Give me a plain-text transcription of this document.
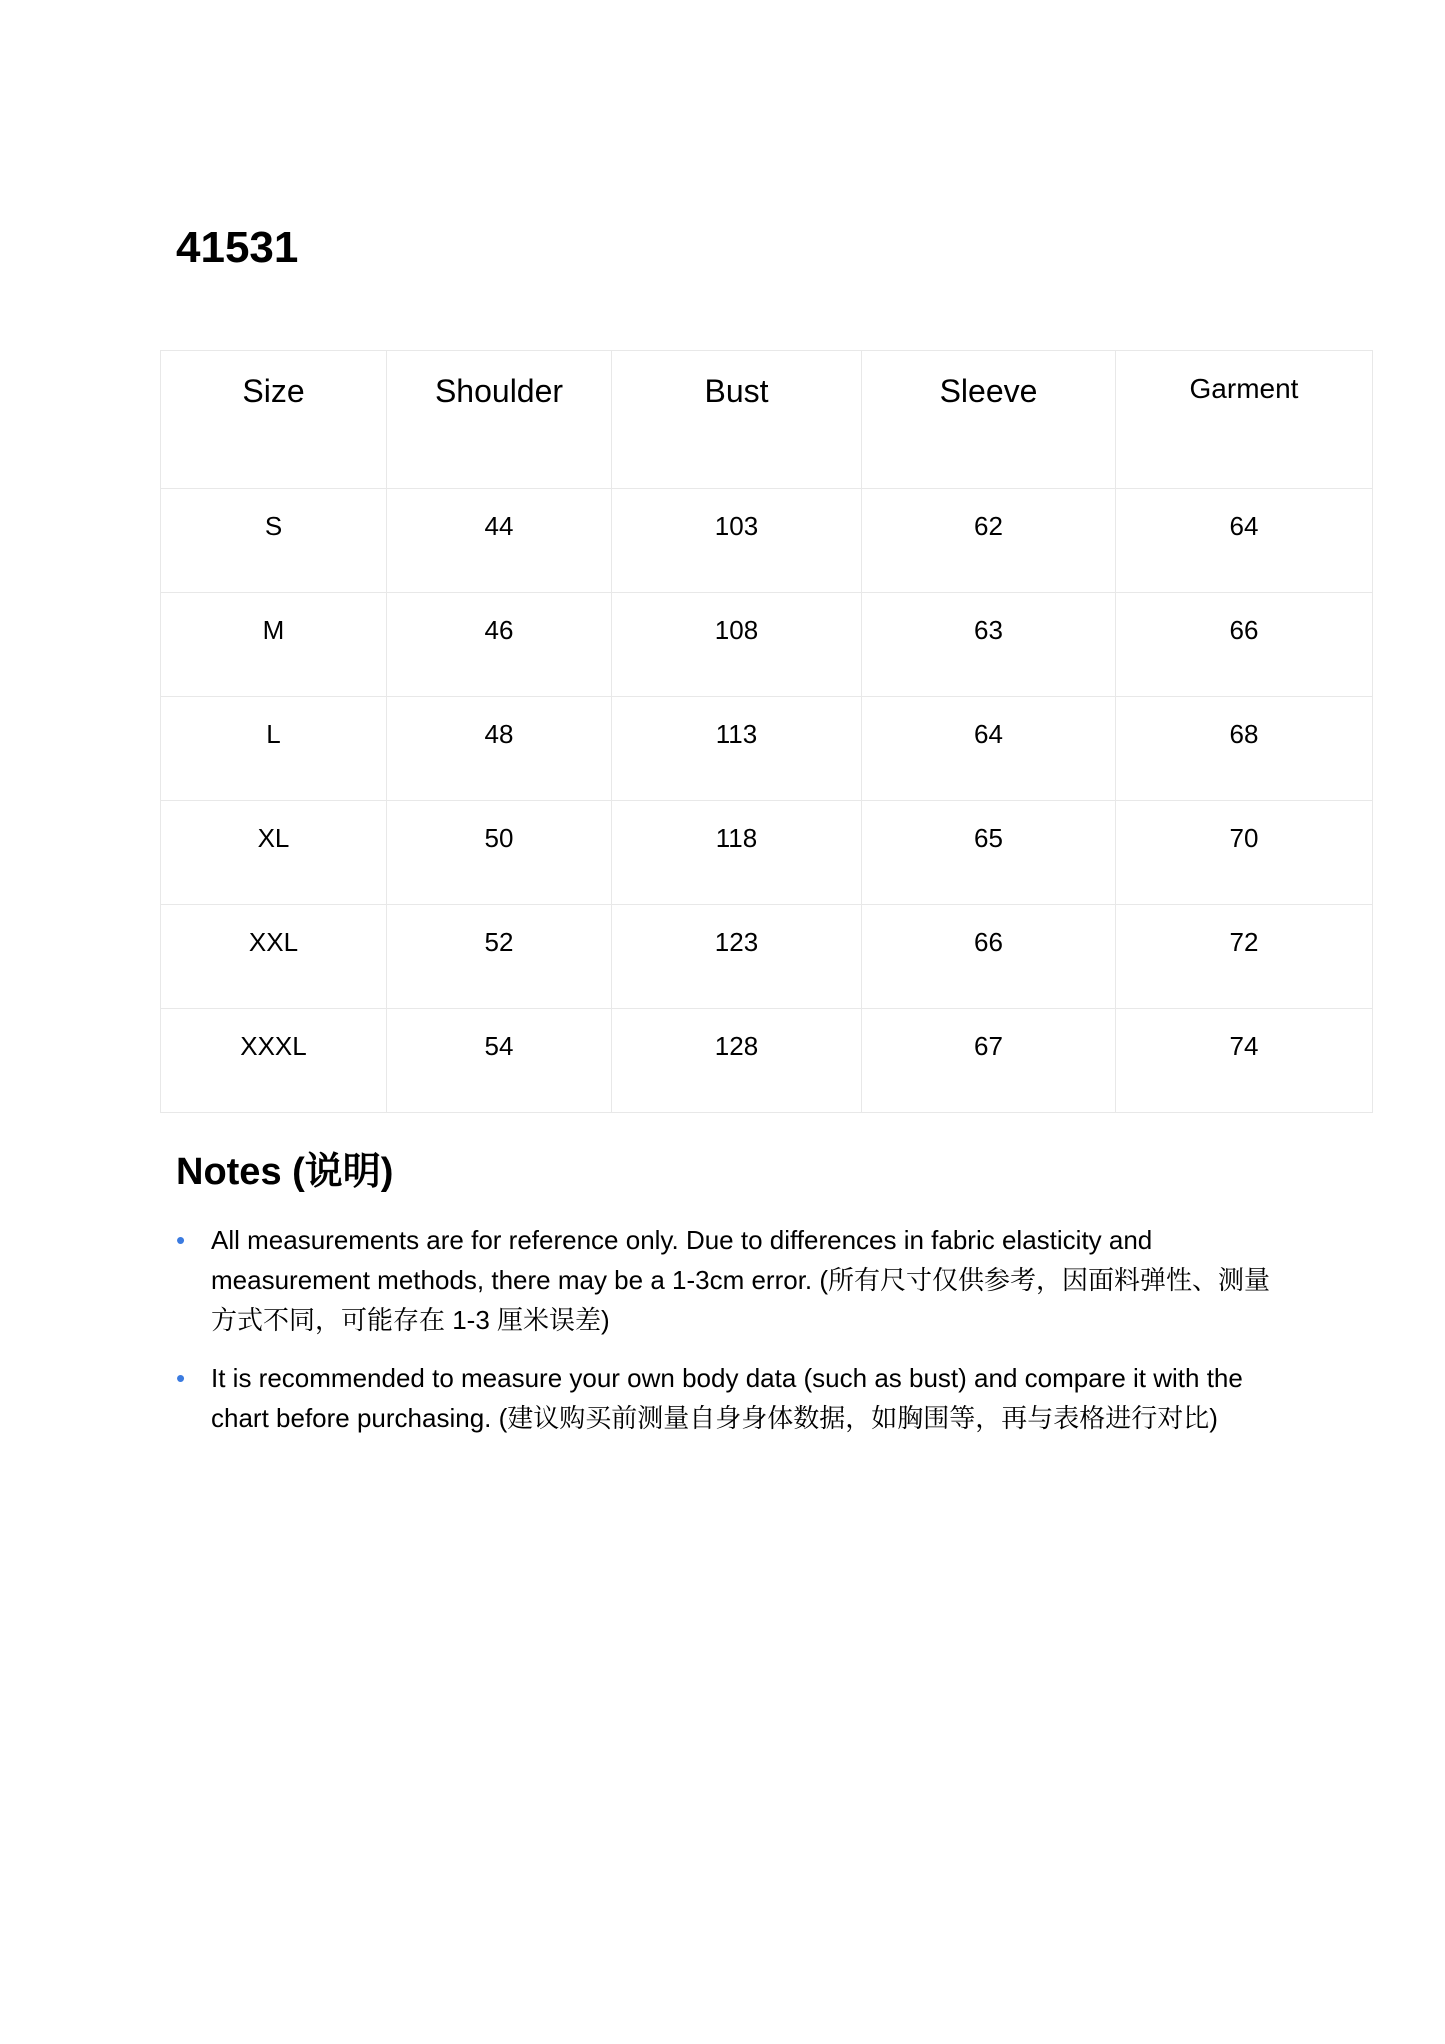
41531
Size	Shoulder	Bust	Sleeve	Garment
S	44	103	62	64
M	46	108	63	66
L	48	113	64	68
XL	50	118	65	70
XXL	52	123	66	72
XXXL	54	128	67	74
Notes (说明)
• All measurements are for reference only. Due to differences in fabric elasticity and measurement methods, there may be a 1-3cm error. (所有尺寸仅供参考，因面料弹性、测量方式不同，可能存在 1-3 厘米误差)
• It is recommended to measure your own body data (such as bust) and compare it with the chart before purchasing. (建议购买前测量自身身体数据，如胸围等，再与表格进行对比)
